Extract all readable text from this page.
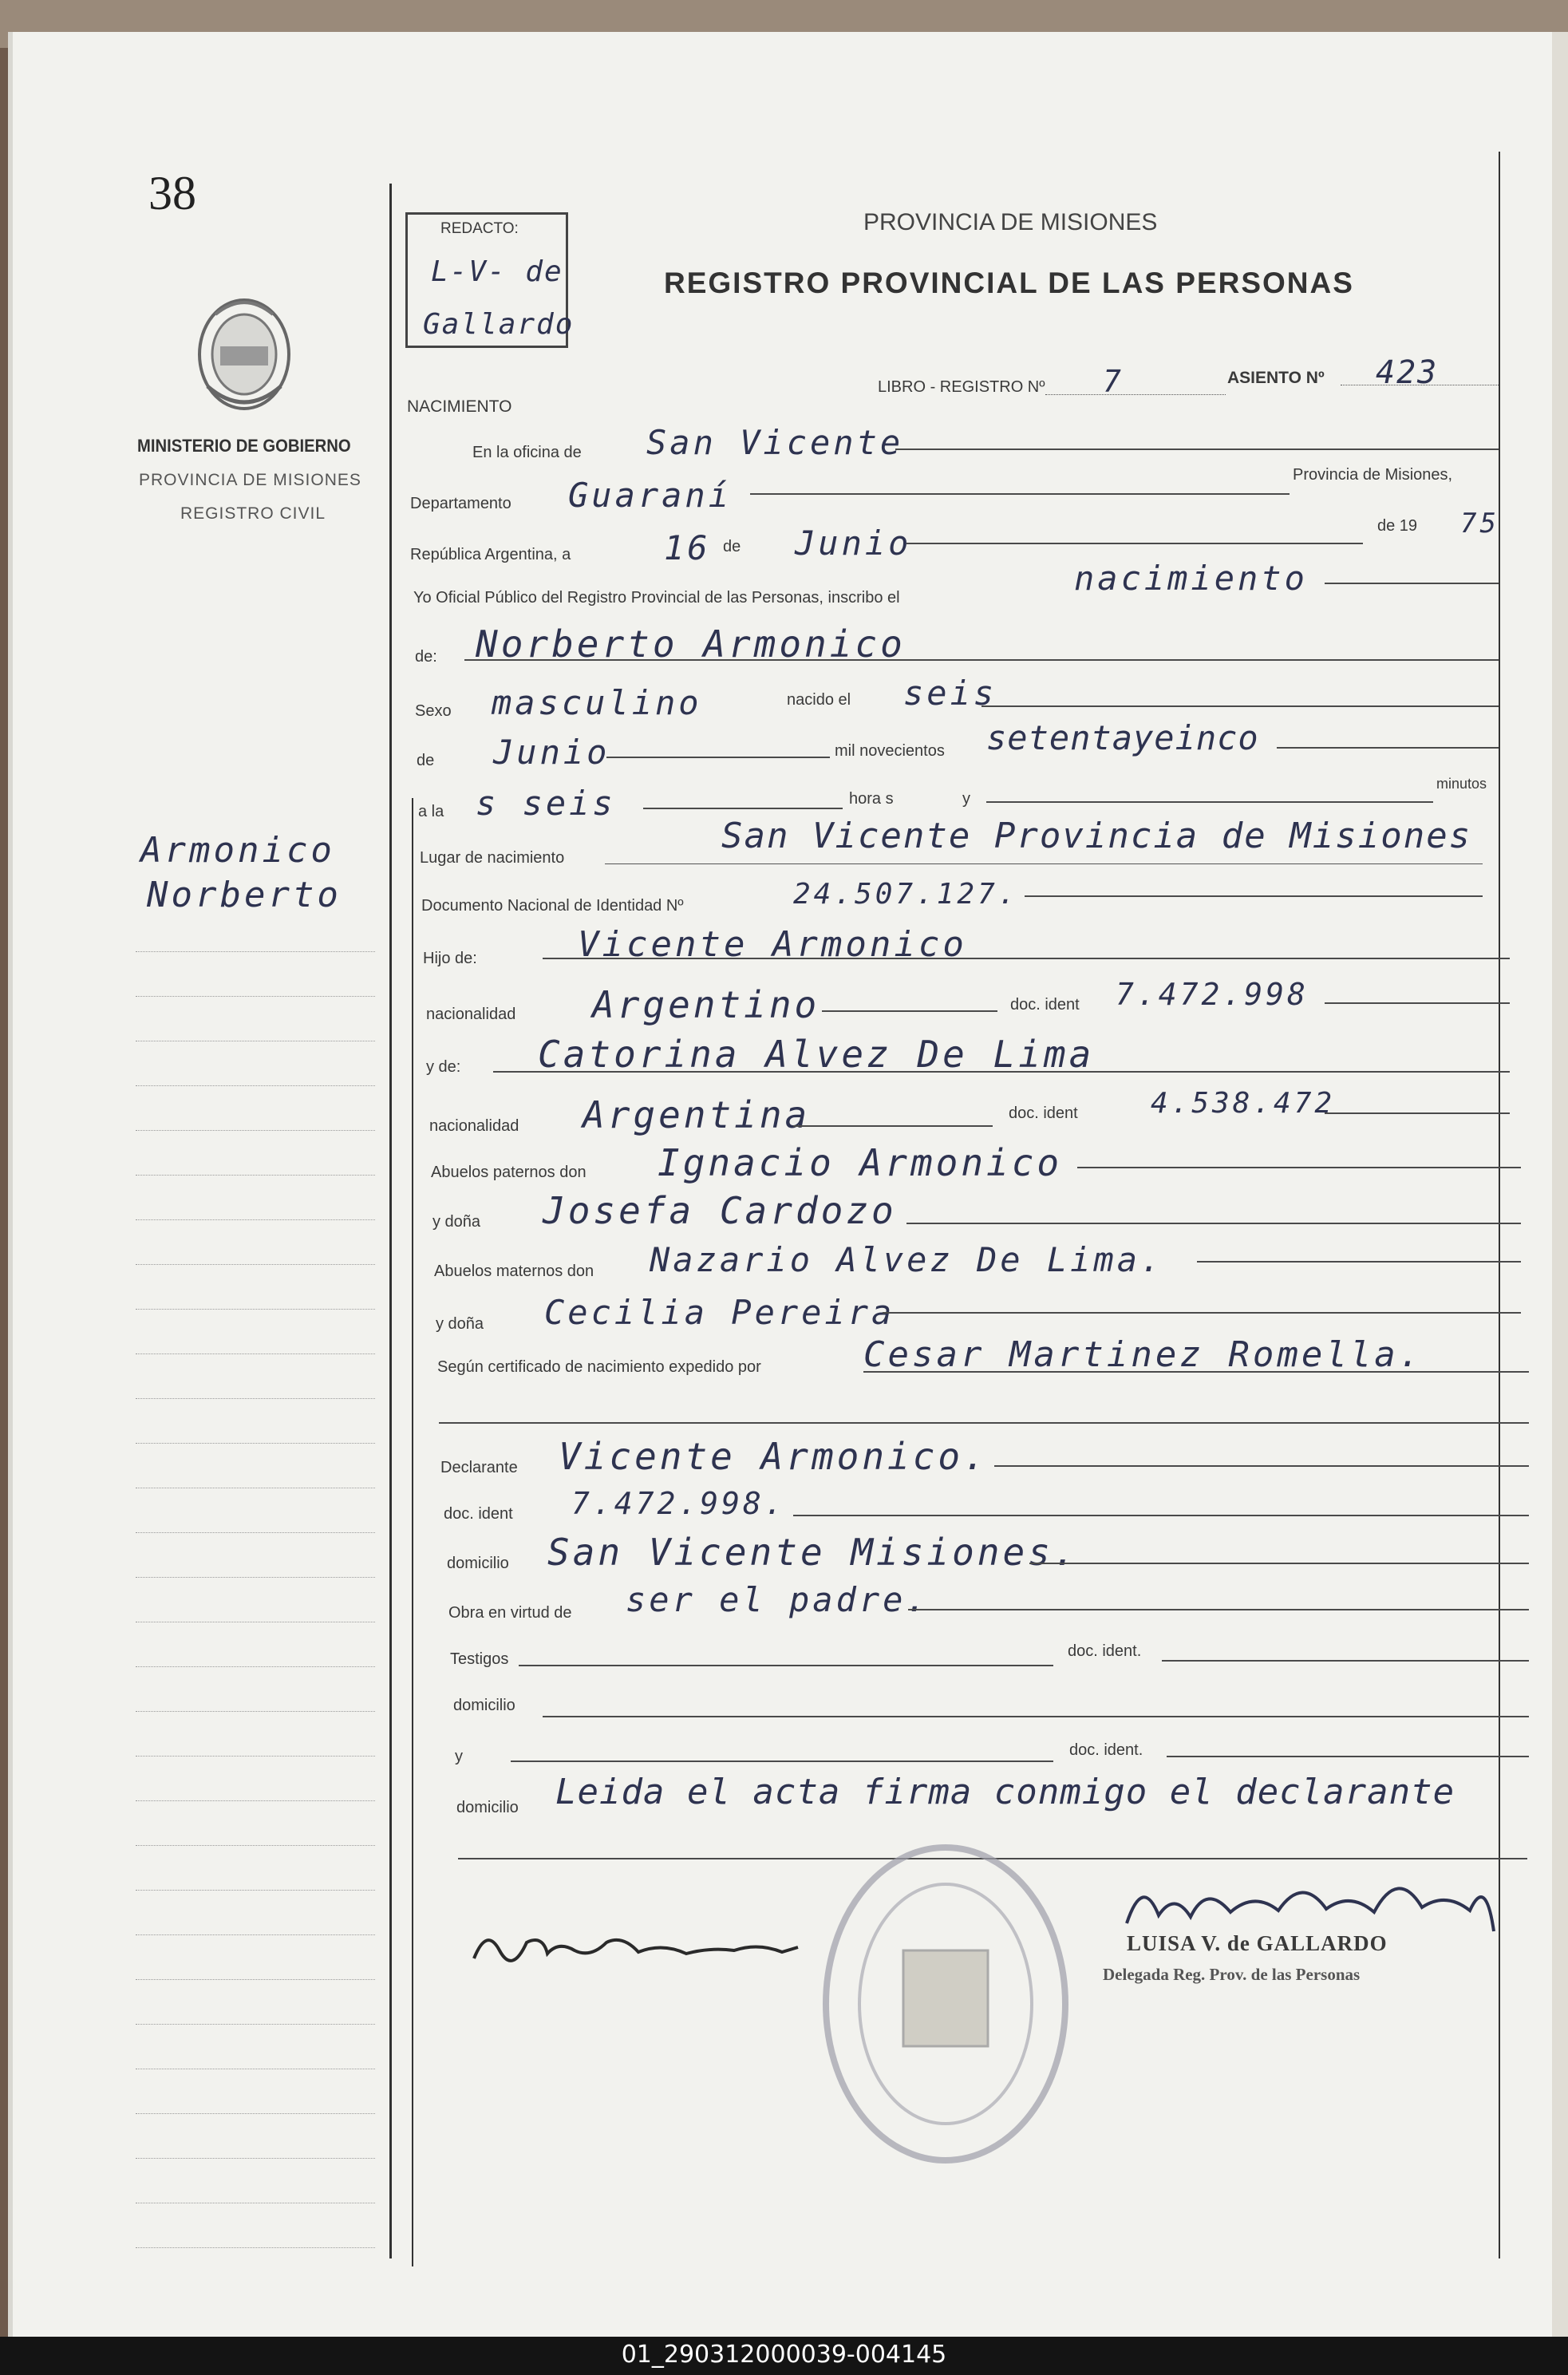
38
REDACTO:
L-V- de
Gallardo
MINISTERIO DE GOBIERNO
PROVINCIA DE MISIONES
REGISTRO CIVIL
PROVINCIA DE MISIONES
REGISTRO PROVINCIAL DE LAS PERSONAS
LIBRO - REGISTRO Nº 7	ASIENTO Nº 423
NACIMIENTO
Armonico
Norberto
En la oficina de San Vicente
Departamento Guaraní
Provincia de Misiones,
República Argentina, a	16 de Junio	de 19 75
Yo Oficial Público del Registro Provincial de las Personas, inscribo el	nacimiento
de: Norberto Armonico
Sexo masculino	nacido el seis
de Junio	mil novecientos setentayeinco
a la s seis	hora s	y
minutos
Lugar de nacimiento
San Vicente Provincia de Misiones
Documento Nacional de Identidad Nº	24.507.127.
Hijo de:	Vicente Armonico
nacionalidad Argentino	doc. ident 7.472.998
y de: Catorina Alvez De Lima
nacionalidad Argentina	doc. ident	4.538.472
Abuelos paternos don Ignacio Armonico
y doña Josefa Cardozo
Abuelos maternos don Nazario Alvez De Lima.
y doña Cecilia Pereira
Según certificado de nacimiento expedido por	Cesar Martinez Romella.
Declarante Vicente Armonico.
doc. ident 7.472.998.
domicilio San Vicente Misiones.
Obra en virtud de ser el padre.
Testigos	doc. ident.
domicilio
y	doc. ident.
domicilio Leida el acta firma conmigo el declarante
LUISA V. de GALLARDO
Delegada Reg. Prov. de las Personas
01_290312000039-004145
